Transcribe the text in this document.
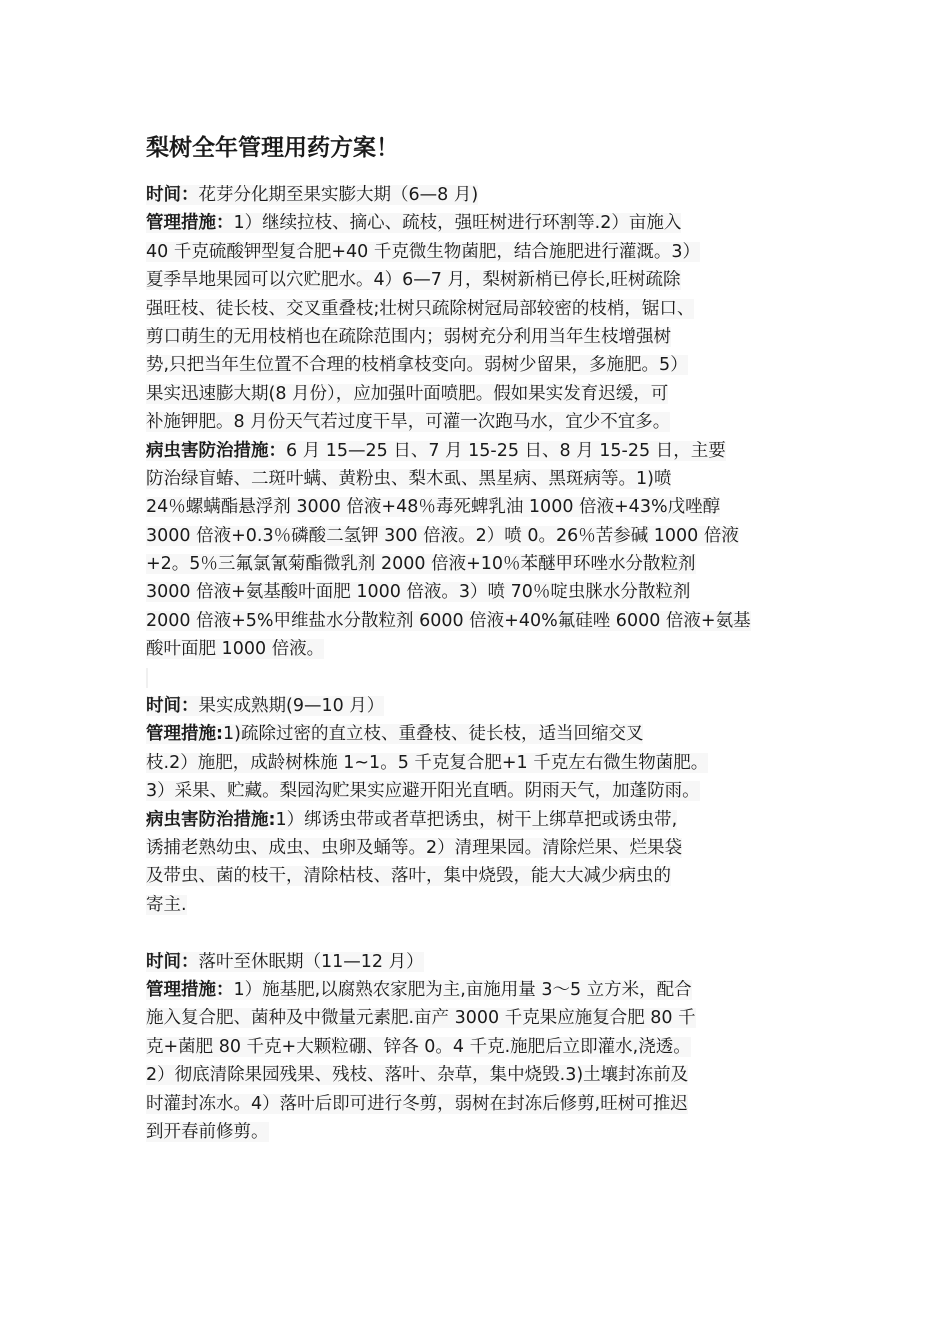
梨树全年管理用药方案！
时间：花芽分化期至果实膨大期（6—8 月)
管理措施：1）继续拉枝、摘心、疏枝，强旺树进行环割等.2）亩施入
40 千克硫酸钾型复合肥+40 千克微生物菌肥，结合施肥进行灌溉。3）
夏季旱地果园可以穴贮肥水。4）6—7 月，梨树新梢已停长,旺树疏除
强旺枝、徒长枝、交叉重叠枝;壮树只疏除树冠局部较密的枝梢，锯口、
剪口萌生的无用枝梢也在疏除范围内；弱树充分利用当年生枝增强树
势,只把当年生位置不合理的枝梢拿枝变向。弱树少留果，多施肥。5）
果实迅速膨大期(8 月份），应加强叶面喷肥。假如果实发育迟缓，可
补施钾肥。8 月份天气若过度干旱，可灌一次跑马水，宜少不宜多。
病虫害防治措施：6 月 15—25 日、7 月 15-25 日、8 月 15-25 日，主要
防治绿盲蝽、二斑叶螨、黄粉虫、梨木虱、黑星病、黑斑病等。1)喷
24％螺螨酯悬浮剂 3000 倍液+48％毒死蜱乳油 1000 倍液+43%戊唑醇
3000 倍液+0.3％磷酸二氢钾 300 倍液。2）喷 0。26％苦参碱 1000 倍液
+2。5％三氟氯氰菊酯微乳剂 2000 倍液+10％苯醚甲环唑水分散粒剂
3000 倍液+氨基酸叶面肥 1000 倍液。3）喷 70％啶虫脒水分散粒剂
2000 倍液+5%甲维盐水分散粒剂 6000 倍液+40%氟硅唑 6000 倍液+氨基
酸叶面肥 1000 倍液。
时间：果实成熟期(9—10 月）
管理措施:1)疏除过密的直立枝、重叠枝、徒长枝，适当回缩交叉
枝.2）施肥，成龄树株施 1~1。5 千克复合肥+1 千克左右微生物菌肥。
3）采果、贮藏。梨园沟贮果实应避开阳光直晒。阴雨天气，加蓬防雨。
病虫害防治措施:1）绑诱虫带或者草把诱虫，树干上绑草把或诱虫带,
诱捕老熟幼虫、成虫、虫卵及蛹等。2）清理果园。清除烂果、烂果袋
及带虫、菌的枝干，清除枯枝、落叶，集中烧毁，能大大减少病虫的
寄主.
时间：落叶至休眠期（11—12 月）
管理措施：1）施基肥,以腐熟农家肥为主,亩施用量 3～5 立方米，配合
施入复合肥、菌种及中微量元素肥.亩产 3000 千克果应施复合肥 80 千
克+菌肥 80 千克+大颗粒硼、锌各 0。4 千克.施肥后立即灌水,浇透。
2）彻底清除果园残果、残枝、落叶、杂草，集中烧毁.3)土壤封冻前及
时灌封冻水。4）落叶后即可进行冬剪，弱树在封冻后修剪,旺树可推迟
到开春前修剪。
